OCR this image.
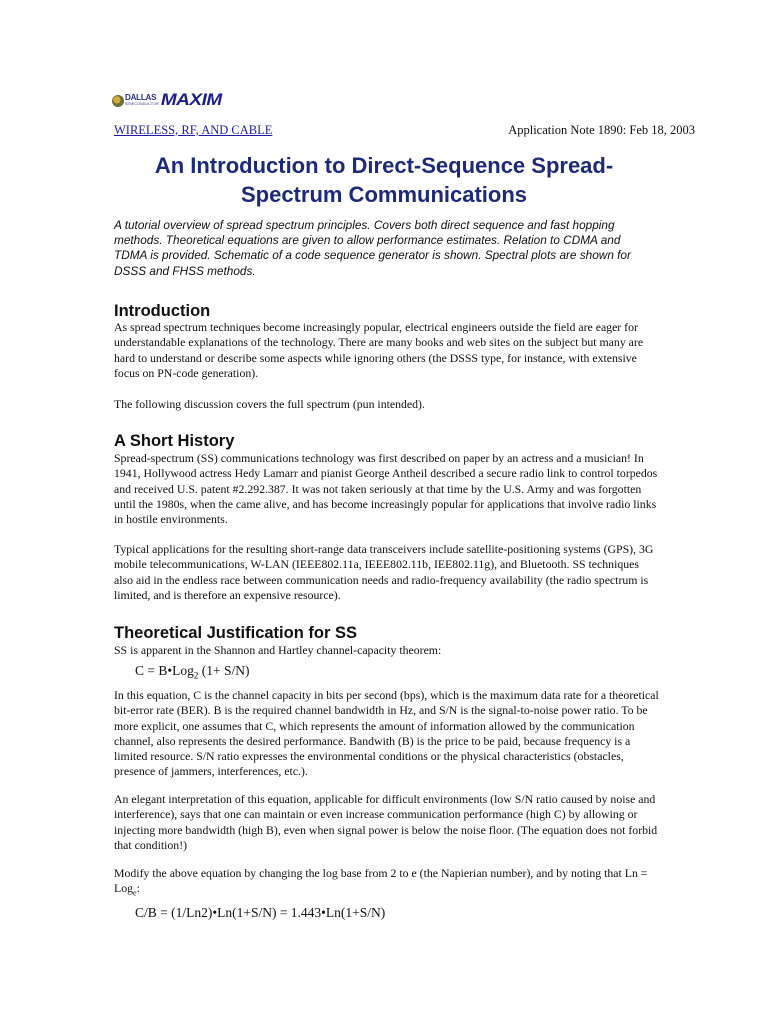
DALLAS
SEMICONDUCTOR MAXIM
WIRELESS, RF, AND CABLE	Application Note 1890: Feb 18, 2003
An Introduction to Direct-Sequence Spread-Spectrum Communications
A tutorial overview of spread spectrum principles. Covers both direct sequence and fast hopping methods. Theoretical equations are given to allow performance estimates. Relation to CDMA and TDMA is provided. Schematic of a code sequence generator is shown. Spectral plots are shown for DSSS and FHSS methods.
Introduction

As spread spectrum techniques become increasingly popular, electrical engineers outside the field are eager for understandable explanations of the technology. There are many books and web sites on the subject but many are hard to understand or describe some aspects while ignoring others (the DSSS type, for instance, with extensive focus on PN-code generation).

The following discussion covers the full spectrum (pun intended).

A Short History

Spread-spectrum (SS) communications technology was first described on paper by an actress and a musician! In 1941, Hollywood actress Hedy Lamarr and pianist George Antheil described a secure radio link to control torpedos and received U.S. patent #2.292.387. It was not taken seriously at that time by the U.S. Army and was forgotten until the 1980s, when the came alive, and has become increasingly popular for applications that involve radio links in hostile environments.

Typical applications for the resulting short-range data transceivers include satellite-positioning systems (GPS), 3G mobile telecommunications, W-LAN (IEEE802.11a, IEEE802.11b, IEE802.11g), and Bluetooth. SS techniques also aid in the endless race between communication needs and radio-frequency availability (the radio spectrum is limited, and is therefore an expensive resource).

Theoretical Justification for SS

SS is apparent in the Shannon and Hartley channel-capacity theorem:

C = B•Log$_2$ (1+ S/N)

In this equation, C is the channel capacity in bits per second (bps), which is the maximum data rate for a theoretical bit-error rate (BER). B is the required channel bandwidth in Hz, and S/N is the signal-to-noise power ratio. To be more explicit, one assumes that C, which represents the amount of information allowed by the communication channel, also represents the desired performance. Bandwith (B) is the price to be paid, because frequency is a limited resource. S/N ratio expresses the environmental conditions or the physical characteristics (obstacles, presence of jammers, interferences, etc.).

An elegant interpretation of this equation, applicable for difficult environments (low S/N ratio caused by noise and interference), says that one can maintain or even increase communication performance (high C) by allowing or injecting more bandwidth (high B), even when signal power is below the noise floor. (The equation does not forbid that condition!)

Modify the above equation by changing the log base from 2 to e (the Napierian number), and by noting that Ln = Log$_e$:

C/B = (1/Ln2)•Ln(1+S/N) = 1.443•Ln(1+S/N)
